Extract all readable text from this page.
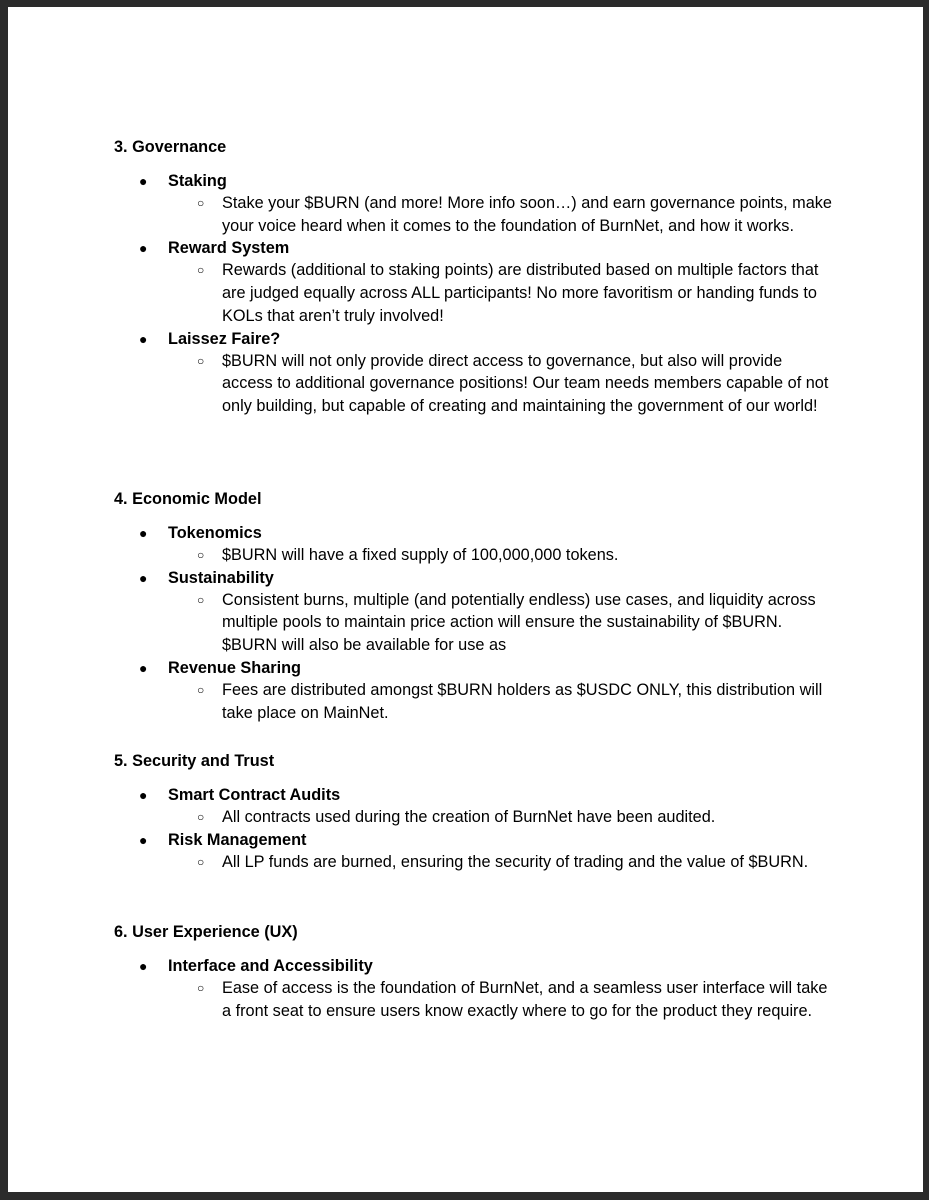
3. Governance
● Staking
○ Stake your $BURN (and more! More info soon…) and earn governance points, make your voice heard when it comes to the foundation of BurnNet, and how it works.
● Reward System
○ Rewards (additional to staking points) are distributed based on multiple factors that are judged equally across ALL participants! No more favoritism or handing funds to KOLs that aren’t truly involved!
● Laissez Faire?
○ $BURN will not only provide direct access to governance, but also will provide access to additional governance positions! Our team needs members capable of not only building, but capable of creating and maintaining the government of our world!
4. Economic Model
● Tokenomics
○ $BURN will have a fixed supply of 100,000,000 tokens.
● Sustainability
○ Consistent burns, multiple (and potentially endless) use cases, and liquidity across multiple pools to maintain price action will ensure the sustainability of $BURN. $BURN will also be available for use as
● Revenue Sharing
○ Fees are distributed amongst $BURN holders as $USDC ONLY, this distribution will take place on MainNet.
5. Security and Trust
● Smart Contract Audits
○ All contracts used during the creation of BurnNet have been audited.
● Risk Management
○ All LP funds are burned, ensuring the security of trading and the value of $BURN.
6. User Experience (UX)
● Interface and Accessibility
○ Ease of access is the foundation of BurnNet, and a seamless user interface will take a front seat to ensure users know exactly where to go for the product they require.
